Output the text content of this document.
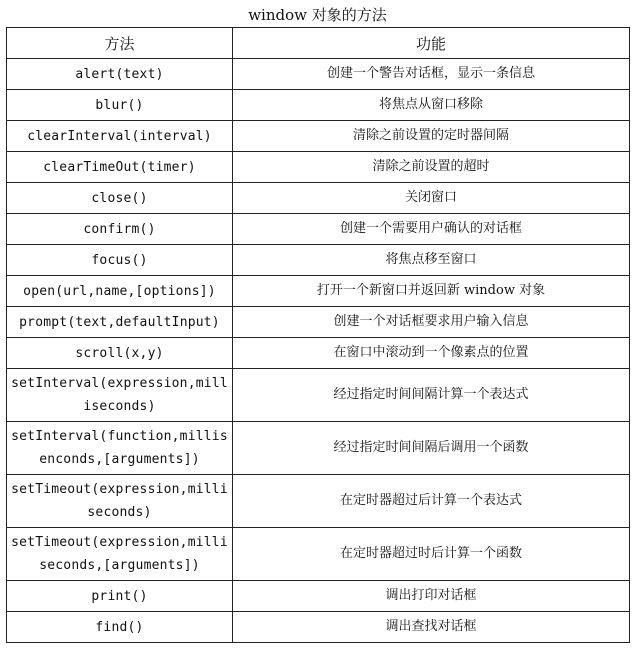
window 对象的方法
方法	功能
alert(text)	创建一个警告对话框，显示一条信息
blur()	将焦点从窗口移除
clearInterval(interval)	清除之前设置的定时器间隔
clearTimeOut(timer)	清除之前设置的超时
close()	关闭窗口
confirm()	创建一个需要用户确认的对话框
focus()	将焦点移至窗口
open(url,name,[options])	打开一个新窗口并返回新 window 对象
prompt(text,defaultInput)	创建一个对话框要求用户输入信息
scroll(x,y)	在窗口中滚动到一个像素点的位置
setInterval(expression,milliseconds)	经过指定时间间隔计算一个表达式
setInterval(function,millisenconds,[arguments])	经过指定时间间隔后调用一个函数
setTimeout(expression,milliseconds)	在定时器超过后计算一个表达式
setTimeout(expression,milliseconds,[arguments])	在定时器超过时后计算一个函数
print()	调出打印对话框
find()	调出查找对话框
